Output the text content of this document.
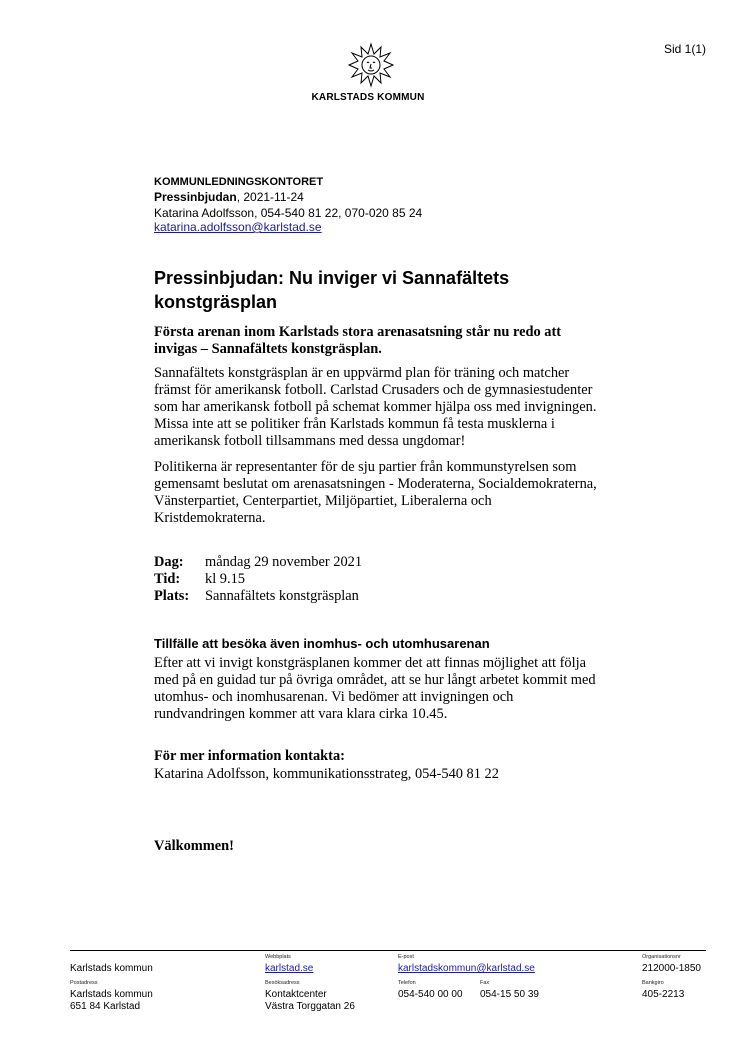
Sid 1(1)
KARLSTADS KOMMUN
KOMMUNLEDNINGSKONTORET
Pressinbjudan, 2021-11-24
Katarina Adolfsson, 054-540 81 22, 070-020 85 24
katarina.adolfsson@karlstad.se
Pressinbjudan: Nu inviger vi Sannafältets
konstgräsplan
Första arenan inom Karlstads stora arenasatsning står nu redo att
invigas – Sannafältets konstgräsplan.
Sannafältets konstgräsplan är en uppvärmd plan för träning och matcher
främst för amerikansk fotboll. Carlstad Crusaders och de gymnasiestudenter
som har amerikansk fotboll på schemat kommer hjälpa oss med invigningen.
Missa inte att se politiker från Karlstads kommun få testa musklerna i
amerikansk fotboll tillsammans med dessa ungdomar!
Politikerna är representanter för de sju partier från kommunstyrelsen som
gemensamt beslutat om arenasatsningen - Moderaterna, Socialdemokraterna,
Vänsterpartiet, Centerpartiet, Miljöpartiet, Liberalerna och
Kristdemokraterna.
Dag: måndag 29 november 2021
Tid: kl 9.15
Plats: Sannafältets konstgräsplan
Tillfälle att besöka även inomhus- och utomhusarenan
Efter att vi invigt konstgräsplanen kommer det att finnas möjlighet att följa
med på en guidad tur på övriga området, att se hur långt arbetet kommit med
utomhus- och inomhusarenan. Vi bedömer att invigningen och
rundvandringen kommer att vara klara cirka 10.45.
För mer information kontakta:
Katarina Adolfsson, kommunikationsstrateg, 054-540 81 22
Välkommen!
Karlstads kommun
Webbplats
karlstad.se
E-post
karlstadskommun@karlstad.se
Organisationsnr
212000-1850
Postadress
Karlstads kommun
651 84 Karlstad
Besöksadress
Kontaktcenter
Västra Torggatan 26
Telefon
054-540 00 00
Fax
054-15 50 39
Bankgiro
405-2213
